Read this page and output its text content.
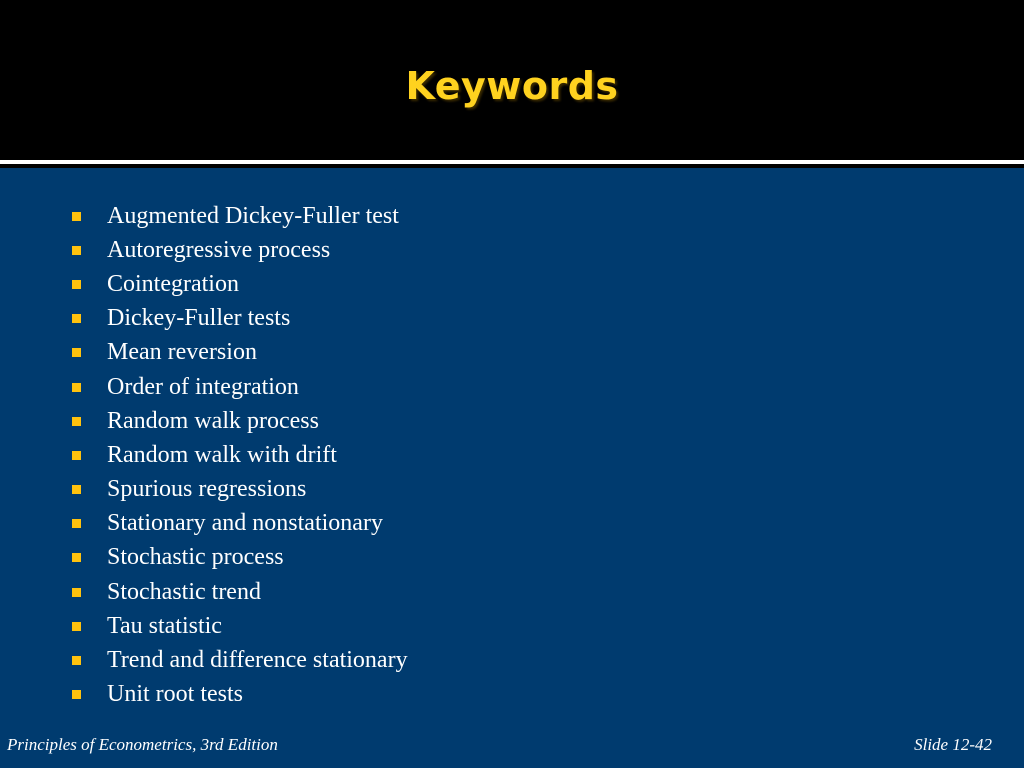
Keywords
Augmented Dickey-Fuller test
Autoregressive process
Cointegration
Dickey-Fuller tests
Mean reversion
Order of integration
Random walk process
Random walk with drift
Spurious regressions
Stationary and nonstationary
Stochastic process
Stochastic trend
Tau statistic
Trend and difference stationary
Unit root tests
Principles of Econometrics, 3rd Edition	Slide 12-42
